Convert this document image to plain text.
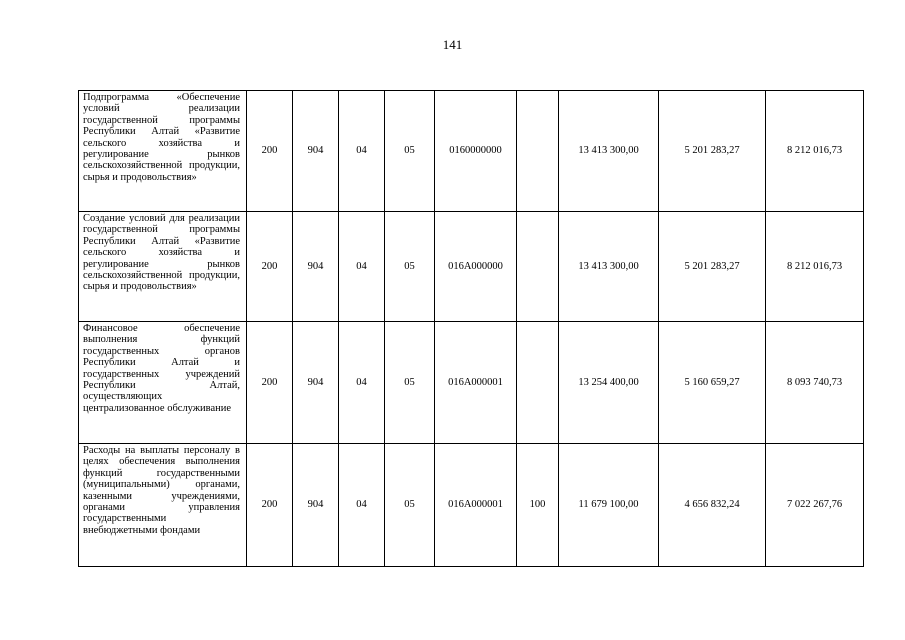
141
Подпрограмма «Обеспечение условий реализации государственной программы Республики Алтай «Развитие сельского хозяйства и регулирование рынков сельскохозяйственной продукции, сырья и продовольствия»	200	904	04	05	0160000000		13 413 300,00	5 201 283,27	8 212 016,73
Создание условий для реализации государственной программы Республики Алтай «Развитие сельского хозяйства и регулирование рынков сельскохозяйственной продукции, сырья и продовольствия»	200	904	04	05	016А000000		13 413 300,00	5 201 283,27	8 212 016,73
Финансовое обеспечение выполнения функций государственных органов Республики Алтай и государственных учреждений Республики Алтай, осуществляющих централизованное обслуживание	200	904	04	05	016А000001		13 254 400,00	5 160 659,27	8 093 740,73
Расходы на выплаты персоналу в целях обеспечения выполнения функций государственными (муниципальными) органами, казенными учреждениями, органами управления государственными внебюджетными фондами	200	904	04	05	016А000001	100	11 679 100,00	4 656 832,24	7 022 267,76
